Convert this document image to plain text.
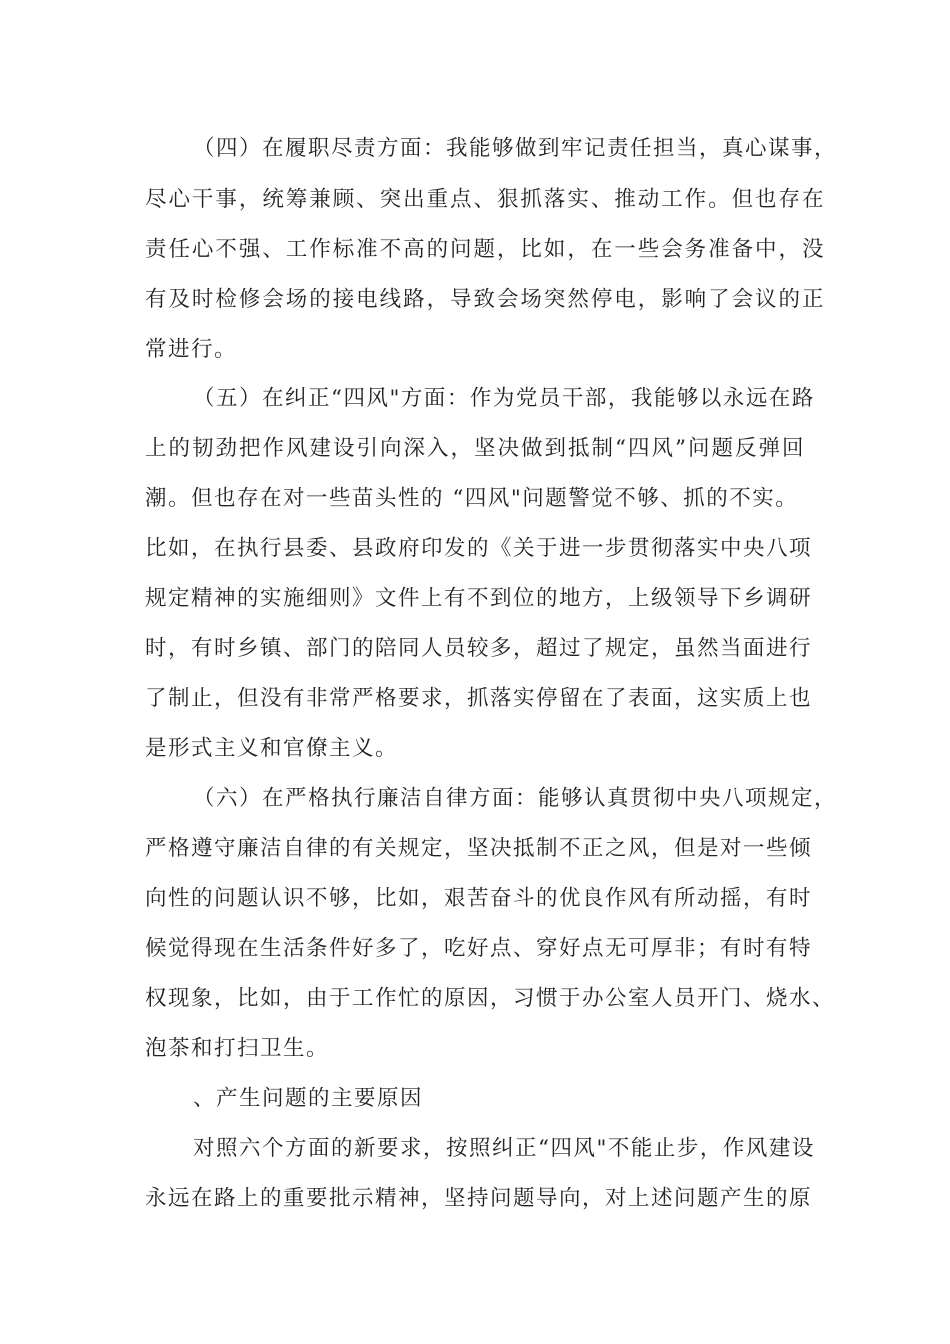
（四）在履职尽责方面：我能够做到牢记责任担当，真心谋事，
尽心干事，统筹兼顾、突出重点、狠抓落实、推动工作。但也存在
责任心不强、工作标准不高的问题，比如，在一些会务准备中，没
有及时检修会场的接电线路，导致会场突然停电，影响了会议的正
常进行。
（五）在纠正“四风"方面：作为党员干部，我能够以永远在路
上的韧劲把作风建设引向深入，坚决做到抵制“四风”问题反弹回
潮。但也存在对一些苗头性的 “四风"问题警觉不够、抓的不实。
比如，在执行县委、县政府印发的《关于进一步贯彻落实中央八项
规定精神的实施细则》文件上有不到位的地方，上级领导下乡调研
时，有时乡镇、部门的陪同人员较多，超过了规定，虽然当面进行
了制止，但没有非常严格要求，抓落实停留在了表面，这实质上也
是形式主义和官僚主义。
（六）在严格执行廉洁自律方面：能够认真贯彻中央八项规定，
严格遵守廉洁自律的有关规定，坚决抵制不正之风，但是对一些倾
向性的问题认识不够，比如，艰苦奋斗的优良作风有所动摇，有时
候觉得现在生活条件好多了，吃好点、穿好点无可厚非；有时有特
权现象，比如，由于工作忙的原因，习惯于办公室人员开门、烧水、
泡茶和打扫卫生。
、产生问题的主要原因
对照六个方面的新要求，按照纠正“四风"不能止步，作风建设
永远在路上的重要批示精神，坚持问题导向，对上述问题产生的原
